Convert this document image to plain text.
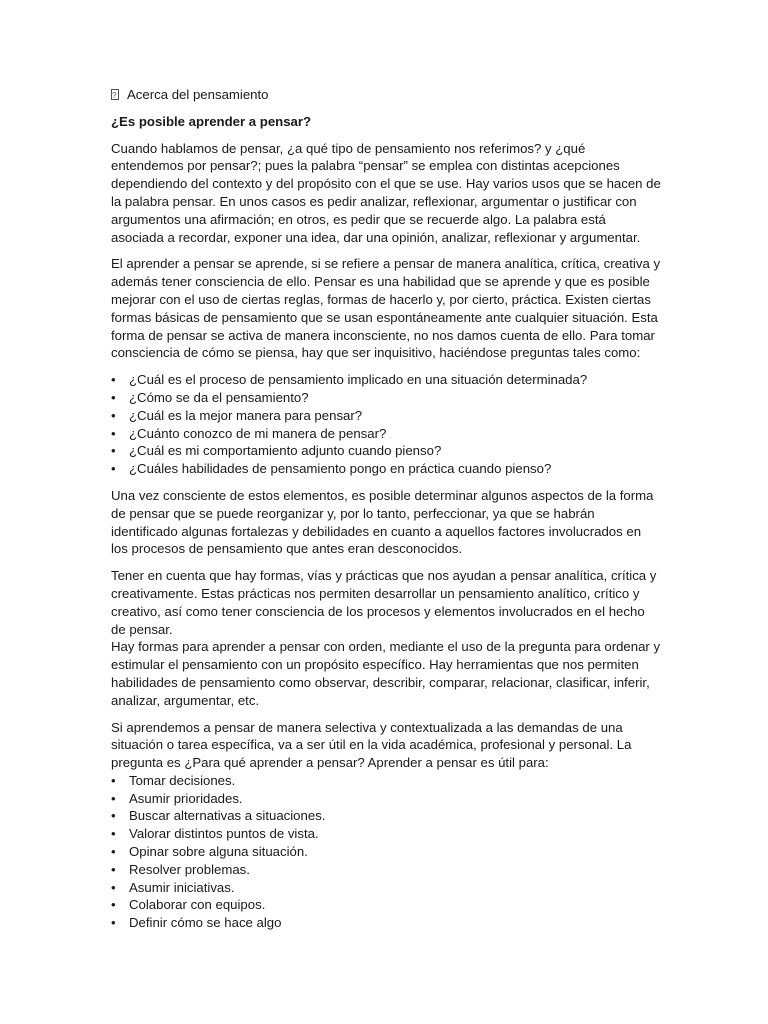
?
Acerca del pensamiento
¿Es posible aprender a pensar?

Cuando hablamos de pensar, ¿a qué tipo de pensamiento nos referimos? y ¿qué entendemos por pensar?; pues la palabra “pensar” se emplea con distintas acepciones dependiendo del contexto y del propósito con el que se use. Hay varios usos que se hacen de la palabra pensar. En unos casos es pedir analizar, reflexionar, argumentar o justificar con argumentos una afirmación; en otros, es pedir que se recuerde algo. La palabra está asociada a recordar, exponer una idea, dar una opinión, analizar, reflexionar y argumentar.

El aprender a pensar se aprende, si se refiere a pensar de manera analítica, crítica, creativa y además tener consciencia de ello. Pensar es una habilidad que se aprende y que es posible mejorar con el uso de ciertas reglas, formas de hacerlo y, por cierto, práctica. Existen ciertas formas básicas de pensamiento que se usan espontáneamente ante cualquier situación. Esta forma de pensar se activa de manera inconsciente, no nos damos cuenta de ello. Para tomar consciencia de cómo se piensa, hay que ser inquisitivo, haciéndose preguntas tales como:

• ¿Cuál es el proceso de pensamiento implicado en una situación determinada?
• ¿Cómo se da el pensamiento?
• ¿Cuál es la mejor manera para pensar?
• ¿Cuánto conozco de mi manera de pensar?
• ¿Cuál es mi comportamiento adjunto cuando pienso?
• ¿Cuáles habilidades de pensamiento pongo en práctica cuando pienso?

Una vez consciente de estos elementos, es posible determinar algunos aspectos de la forma de pensar que se puede reorganizar y, por lo tanto, perfeccionar, ya que se habrán identificado algunas fortalezas y debilidades en cuanto a aquellos factores involucrados en los procesos de pensamiento que antes eran desconocidos.

Tener en cuenta que hay formas, vías y prácticas que nos ayudan a pensar analítica, crítica y creativamente. Estas prácticas nos permiten desarrollar un pensamiento analítico, crítico y creativo, así como tener consciencia de los procesos y elementos involucrados en el hecho de pensar.

Hay formas para aprender a pensar con orden, mediante el uso de la pregunta para ordenar y estimular el pensamiento con un propósito específico. Hay herramientas que nos permiten habilidades de pensamiento como observar, describir, comparar, relacionar, clasificar, inferir, analizar, argumentar, etc.

Si aprendemos a pensar de manera selectiva y contextualizada a las demandas de una situación o tarea específica, va a ser útil en la vida académica, profesional y personal. La pregunta es ¿Para qué aprender a pensar? Aprender a pensar es útil para:

• Tomar decisiones.
• Asumir prioridades.
• Buscar alternativas a situaciones.
• Valorar distintos puntos de vista.
• Opinar sobre alguna situación.
• Resolver problemas.
• Asumir iniciativas.
• Colaborar con equipos.
• Definir cómo se hace algo
